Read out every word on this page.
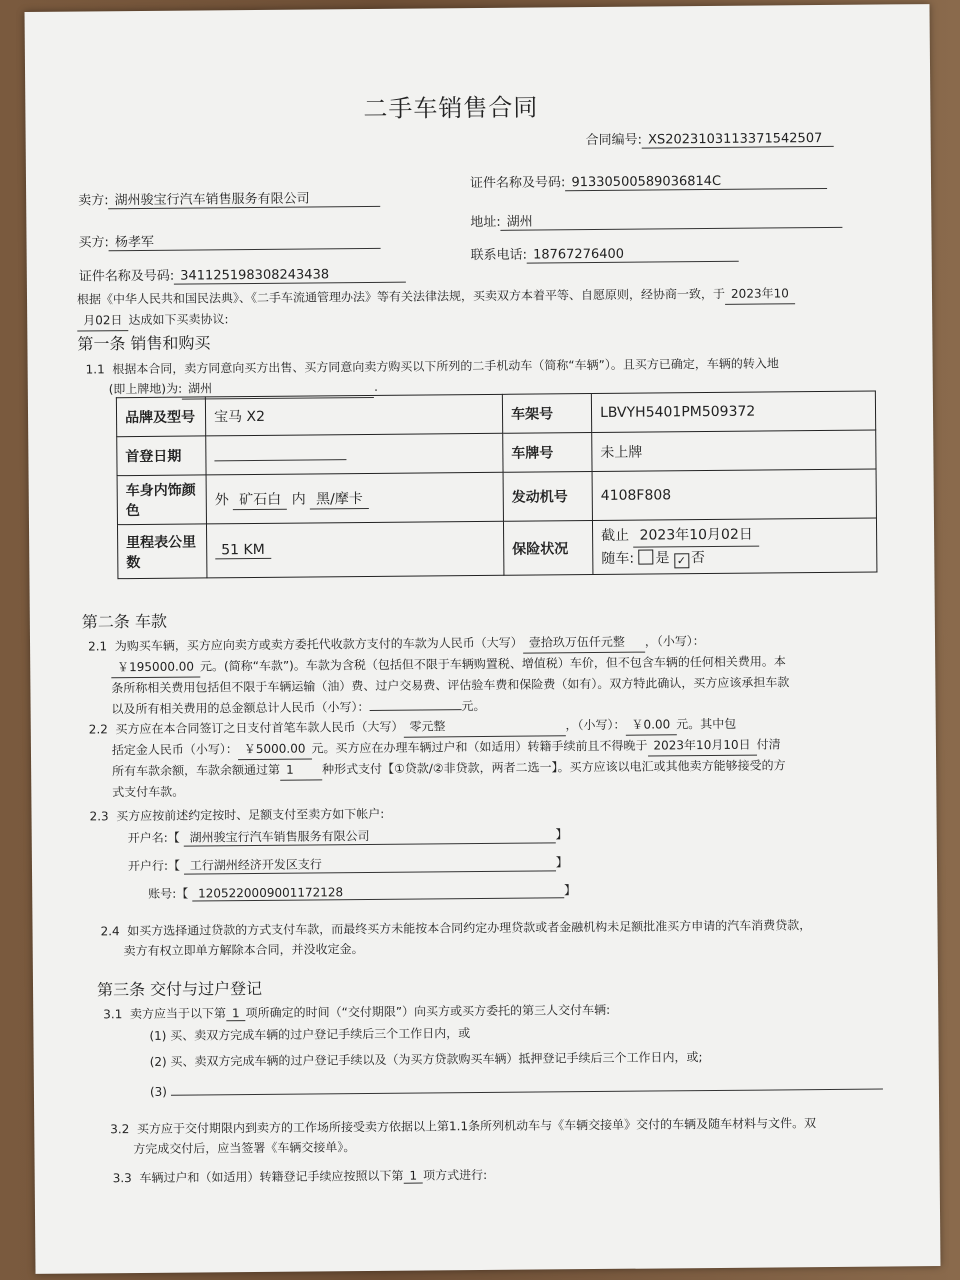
二手车销售合同
合同编号: XS2023103113371542507
卖方: 湖州骏宝行汽车销售服务有限公司
证件名称及号码: 91330500589036814C
买方: 杨孝军
地址: 湖州
证件名称及号码: 341125198308243438
联系电话: 18767276400
根据《中华人民共和国民法典》、《二手车流通管理办法》等有关法律法规，买卖双方本着平等、自愿原则，经协商一致，于 2023年10
月02日 达成如下买卖协议:
第一条 销售和购买
1.1 根据本合同，卖方同意向买方出售、买方同意向卖方购买以下所列的二手机动车（简称“车辆”）。且买方已确定，车辆的转入地
(即上牌地)为: 湖州	.
品牌及型号	宝马 X2	车架号	LBVYH5401PM509372
首登日期		车牌号	未上牌
车身内饰颜色	外 矿石白 内 黑/摩卡	发动机号	4108F808
里程表公里数	51 KM	保险状况	截止 2023年10月02日
随车: 是 ✓ 否
第二条 车款
2.1 为购买车辆，买方应向卖方或卖方委托代收款方支付的车款为人民币（大写） 壹拾玖万伍仟元整 ，（小写）：
￥195000.00 元。(简称“车款”)。车款为含税（包括但不限于车辆购置税、增值税）车价，但不包含车辆的任何相关费用。本
条所称相关费用包括但不限于车辆运输（油）费、过户交易费、评估验车费和保险费（如有）。双方特此确认，买方应该承担车款
以及所有相关费用的总金额总计人民币（小写）：	元。
2.2 买方应在本合同签订之日支付首笔车款人民币（大写） 零元整	，（小写）： ￥0.00 元。其中包
括定金人民币（小写）： ￥5000.00 元。买方应在办理车辆过户和（如适用）转籍手续前且不得晚于 2023年10月10日 付清
所有车款余额，车款余额通过第 1 种形式支付【①贷款/②非贷款，两者二选一】。买方应该以电汇或其他卖方能够接受的方
式支付车款。
2.3 买方应按前述约定按时、足额支付至卖方如下帐户:
开户名:【 湖州骏宝行汽车销售服务有限公司	】
开户行:【 工行湖州经济开发区支行	】
账号:【 1205220009001172128	】
2.4 如买方选择通过贷款的方式支付车款，而最终买方未能按本合同约定办理贷款或者金融机构未足额批准买方申请的汽车消费贷款，
卖方有权立即单方解除本合同，并没收定金。
第三条 交付与过户登记
3.1 卖方应当于以下第 1 项所确定的时间（“交付期限”）向买方或买方委托的第三人交付车辆:
(1) 买、卖双方完成车辆的过户登记手续后三个工作日内，或
(2) 买、卖双方完成车辆的过户登记手续以及（为买方贷款购买车辆）抵押登记手续后三个工作日内，或;
(3)
3.2 买方应于交付期限内到卖方的工作场所接受卖方依据以上第1.1条所列机动车与《车辆交接单》交付的车辆及随车材料与文件。双
方完成交付后，应当签署《车辆交接单》。
3.3 车辆过户和（如适用）转籍登记手续应按照以下第 1 项方式进行:
